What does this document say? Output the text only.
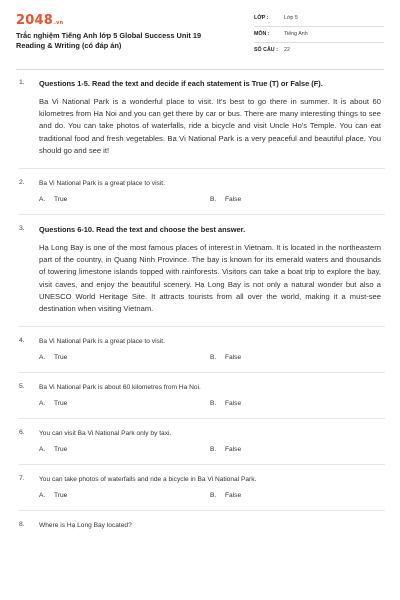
2048.vn
Trắc nghiệm Tiếng Anh lớp 5 Global Success Unit 19 Reading & Writing (có đáp án)
LỚP :	Lớp 5
MÔN :	Tiếng Anh
SỐ CÂU :	22
1. Questions 1-5. Read the text and decide if each statement is True (T) or False (F).
Ba Vi National Park is a wonderful place to visit. It's best to go there in summer. It is about 60 kilometres from Ha Noi and you can get there by car or bus. There are many interesting things to see and do. You can take photos of waterfalls, ride a bicycle and visit Uncle Ho's Temple. You can eat traditional food and fresh vegetables. Ba Vi National Park is a very peaceful and beautiful place. You should go and see it!
2. Ba Vi National Park is a great place to visit.
A. True	B. False
3. Questions 6-10. Read the text and choose the best answer.
Hạ Long Bay is one of the most famous places of interest in Vietnam. It is located in the northeastern part of the country, in Quang Ninh Province. The bay is known for its emerald waters and thousands of towering limestone islands topped with rainforests. Visitors can take a boat trip to explore the bay, visit caves, and enjoy the beautiful scenery. Hạ Long Bay is not only a natural wonder but also a UNESCO World Heritage Site. It attracts tourists from all over the world, making it a must-see destination when visiting Vietnam.
4. Ba Vi National Park is a great place to visit.
A. True	B. False
5. Ba Vi National Park is about 60 kilometres from Ha Noi.
A. True	B. False
6. You can visit Ba Vi National Park only by taxi.
A. True	B. False
7. You can take photos of waterfalls and ride a bicycle in Ba Vi National Park.
A. True	B. False
8. Where is Hạ Long Bay located?
